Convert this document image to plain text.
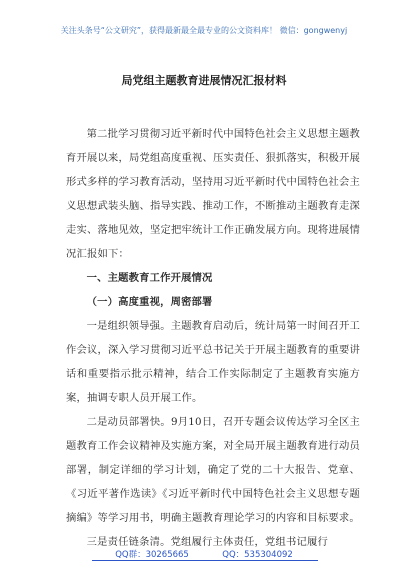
关注头条号“公文研究”，获得最新最全最专业的公文资料库！ 微信：gongwenyj
局党组主题教育进展情况汇报材料

第二批学习贯彻习近平新时代中国特色社会主义思想主题教育开展以来，局党组高度重视、压实责任、狠抓落实，积极开展形式多样的学习教育活动，坚持用习近平新时代中国特色社会主义思想武装头脑、指导实践、推动工作，不断推动主题教育走深走实、落地见效，坚定把牢统计工作正确发展方向。现将进展情况汇报如下：

一、主题教育工作开展情况

（一）高度重视，周密部署

一是组织领导强。主题教育启动后，统计局第一时间召开工作会议，深入学习贯彻习近平总书记关于开展主题教育的重要讲话和重要指示批示精神，结合工作实际制定了主题教育实施方案，抽调专职人员开展工作。

二是动员部署快。9月10日，召开专题会议传达学习全区主题教育工作会议精神及实施方案，对全局开展主题教育进行动员部署，制定详细的学习计划，确定了党的二十大报告、党章、《习近平著作选读》《习近平新时代中国特色社会主义思想专题摘编》等学习用书，明确主题教育理论学习的内容和目标要求。

三是责任链条清。党组履行主体责任，党组书记履行

QQ群：30265665	QQ：535304092
